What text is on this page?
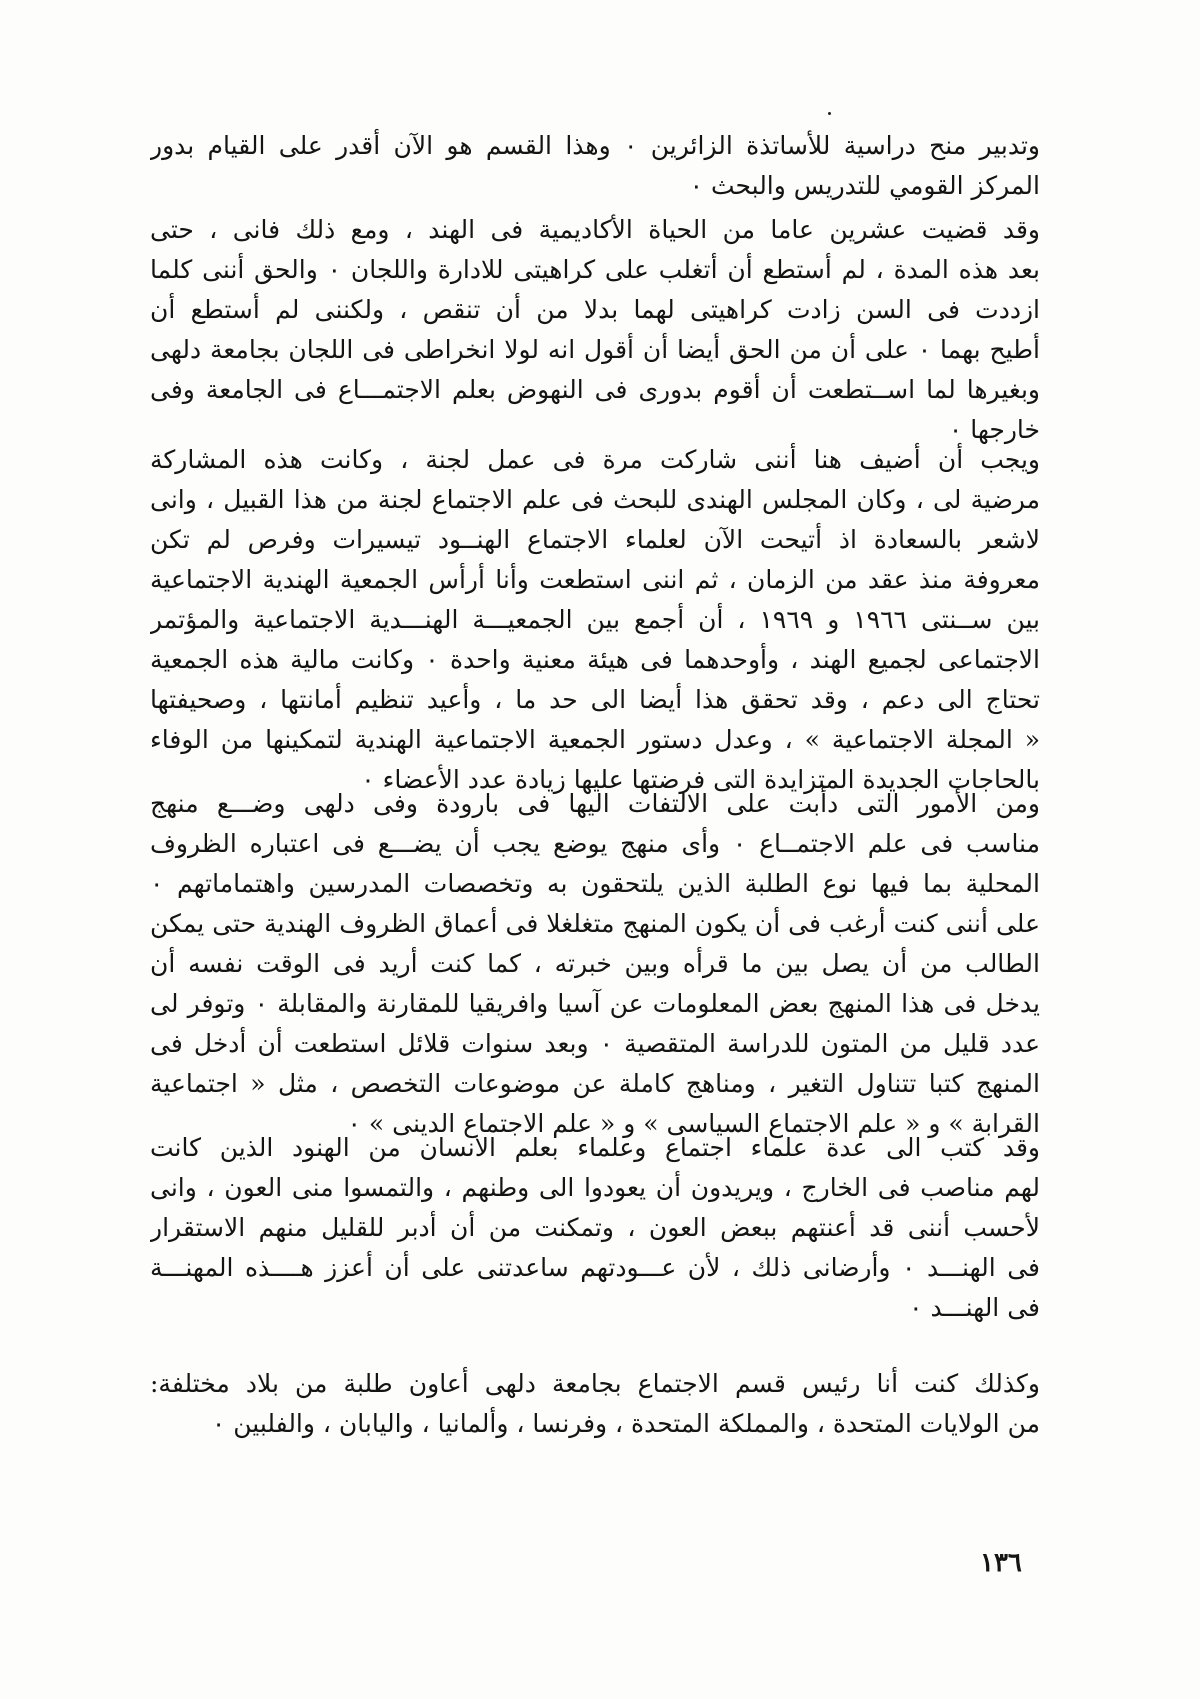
وتدبير منح دراسية للأساتذة الزائرين ٠ وهذا القسم هو الآن أقدر على القيام بدور
المركز القومي للتدريس والبحث ٠
وقد قضيت عشرين عاما من الحياة الأكاديمية فى الهند ، ومع ذلك فانى ، حتى
بعد هذه المدة ، لم أستطع أن أتغلب على كراهيتى للادارة واللجان ٠ والحق أننى كلما
ازددت فى السن زادت كراهيتى لهما بدلا من أن تنقص ، ولكننى لم أستطع أن
أطيح بهما ٠ على أن من الحق أيضا أن أقول انه لولا انخراطى فى اللجان بجامعة دلهى
وبغيرها لما اســتطعت أن أقوم بدورى فى النهوض بعلم الاجتمـــاع فى الجامعة وفى
خارجها ٠
ويجب أن أضيف هنا أننى شاركت مرة فى عمل لجنة ، وكانت هذه المشاركة
مرضية لى ، وكان المجلس الهندى للبحث فى علم الاجتماع لجنة من هذا القبيل ، وانى
لاشعر بالسعادة اذ أتيحت الآن لعلماء الاجتماع الهنــود تيسيرات وفرص لم تكن
معروفة منذ عقد من الزمان ، ثم اننى استطعت وأنا أرأس الجمعية الهندية الاجتماعية
بين ســنتى ١٩٦٦ و ١٩٦٩ ، أن أجمع بين الجمعيـــة الهنـــدية الاجتماعية والمؤتمر
الاجتماعى لجميع الهند ، وأوحدهما فى هيئة معنية واحدة ٠ وكانت مالية هذه الجمعية
تحتاج الى دعم ، وقد تحقق هذا أيضا الى حد ما ، وأعيد تنظيم أمانتها ، وصحيفتها
« المجلة الاجتماعية » ، وعدل دستور الجمعية الاجتماعية الهندية لتمكينها من الوفاء
بالحاجات الجديدة المتزايدة التى فرضتها عليها زيادة عدد الأعضاء ٠
ومن الأمور التى دأبت على الالتفات اليها فى بارودة وفى دلهى وضـــع منهج
مناسب فى علم الاجتمــاع ٠ وأى منهج يوضع يجب أن يضـــع فى اعتباره الظروف
المحلية بما فيها نوع الطلبة الذين يلتحقون به وتخصصات المدرسين واهتماماتهم ٠
على أننى كنت أرغب فى أن يكون المنهج متغلغلا فى أعماق الظروف الهندية حتى يمكن
الطالب من أن يصل بين ما قرأه وبين خبرته ، كما كنت أريد فى الوقت نفسه أن
يدخل فى هذا المنهج بعض المعلومات عن آسيا وافريقيا للمقارنة والمقابلة ٠ وتوفر لى
عدد قليل من المتون للدراسة المتقصية ٠ وبعد سنوات قلائل استطعت أن أدخل فى
المنهج كتبا تتناول التغير ، ومناهج كاملة عن موضوعات التخصص ، مثل « اجتماعية
القرابة » و « علم الاجتماع السياسى » و « علم الاجتماع الدينى » ٠
وقد كتب الى عدة علماء اجتماع وعلماء بعلم الانسان من الهنود الذين كانت
لهم مناصب فى الخارج ، ويريدون أن يعودوا الى وطنهم ، والتمسوا منى العون ، وانى
لأحسب أننى قد أعنتهم ببعض العون ، وتمكنت من أن أدبر للقليل منهم الاستقرار
فى الهنـــد ٠ وأرضانى ذلك ، لأن عـــودتهم ساعدتنى على أن أعزز هــــذه المهنـــة
فى الهنـــد ٠
وكذلك كنت أنا رئيس قسم الاجتماع بجامعة دلهى أعاون طلبة من بلاد مختلفة:
من الولايات المتحدة ، والمملكة المتحدة ، وفرنسا ، وألمانيا ، واليابان ، والفلبين ٠
١٣٦
